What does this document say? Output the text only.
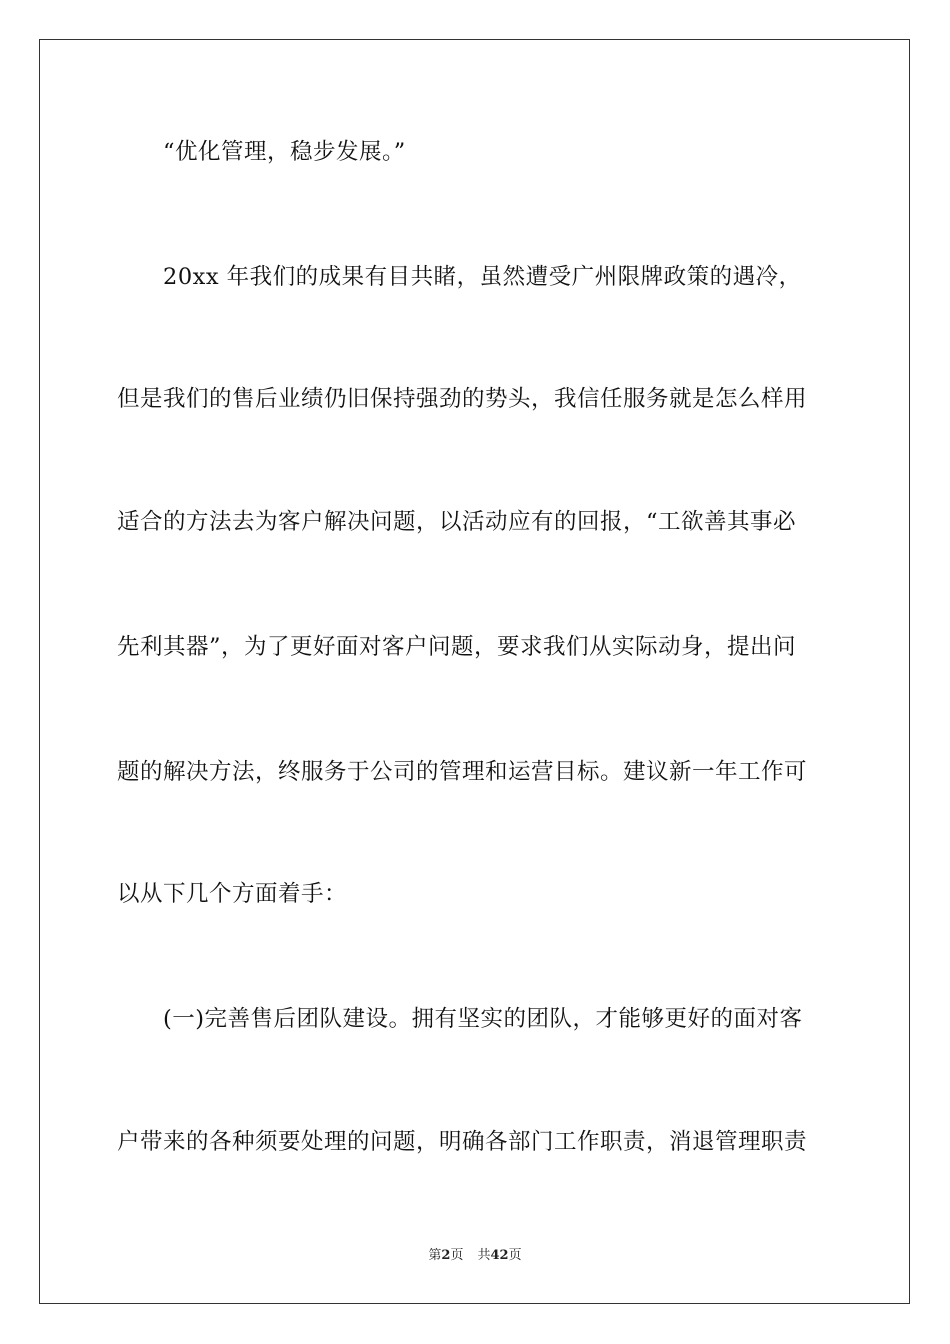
“优化管理，稳步发展。”
20xx 年我们的成果有目共睹，虽然遭受广州限牌政策的遇冷，
但是我们的售后业绩仍旧保持强劲的势头，我信任服务就是怎么样用
适合的方法去为客户解决问题，以活动应有的回报，“工欲善其事必
先利其器”，为了更好面对客户问题，要求我们从实际动身，提出问
题的解决方法，终服务于公司的管理和运营目标。建议新一年工作可
以从下几个方面着手：
(一)完善售后团队建设。拥有坚实的团队，才能够更好的面对客
户带来的各种须要处理的问题，明确各部门工作职责，消退管理职责
第2页 共42页
